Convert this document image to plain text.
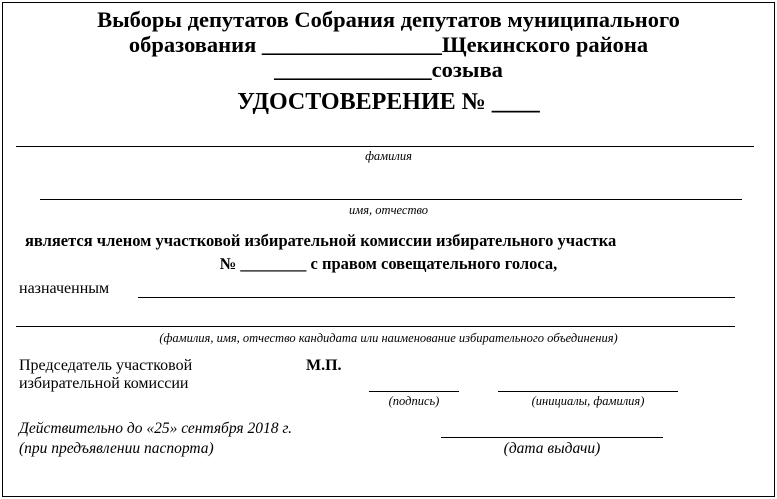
Выборы депутатов Собрания депутатов муниципального
образования ________________Щекинского района
______________созыва
УДОСТОВЕРЕНИЕ № ____
фамилия
имя, отчество
является членом участковой избирательной комиссии избирательного участка
№ ________ с правом совещательного голоса,
назначенным
(фамилия, имя, отчество кандидата или наименование избирательного объединения)
Председатель участковой
избирательной комиссии
М.П.
(подпись)	(инициалы, фамилия)
Действительно до «25» сентября 2018 г.
(при предъявлении паспорта)	(дата выдачи)
